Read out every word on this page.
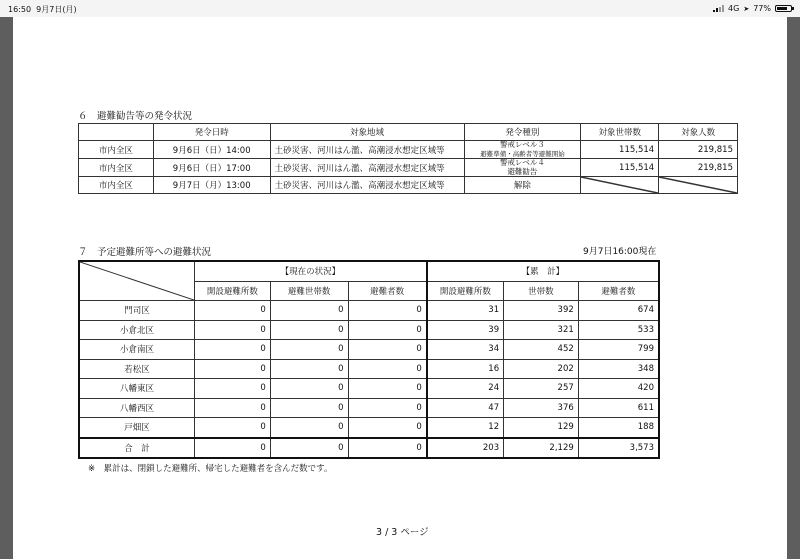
16:50 9月7日(月)	4G ➤ 77%
６　避難勧告等の発令状況
	発令日時	対象地域	発令種別	対象世帯数	対象人数
市内全区	9月6日（日）14:00	土砂災害、河川はん濫、高潮浸水想定区域等	警戒レベル３
避難準備・高齢者等避難開始	115,514	219,815
市内全区	9月6日（日）17:00	土砂災害、河川はん濫、高潮浸水想定区域等	警戒レベル４
避難勧告	115,514	219,815
市内全区	9月7日（月）13:00	土砂災害、河川はん濫、高潮浸水想定区域等	解除	

７　予定避難所等への避難状況	9月7日16:00現在
	【現在の状況】			【累　計】		
	開設避難所数	避難世帯数	避難者数	開設避難所数	世帯数	避難者数
門司区	0	0	0	31	392	674
小倉北区	0	0	0	39	321	533
小倉南区	0	0	0	34	452	799
若松区	0	0	0	16	202	348
八幡東区	0	0	0	24	257	420
八幡西区	0	0	0	47	376	611
戸畑区	0	0	0	12	129	188
合　計	0	0	0	203	2,129	3,573
※　累計は、閉鎖した避難所、帰宅した避難者を含んだ数です。
3 / 3 ページ
